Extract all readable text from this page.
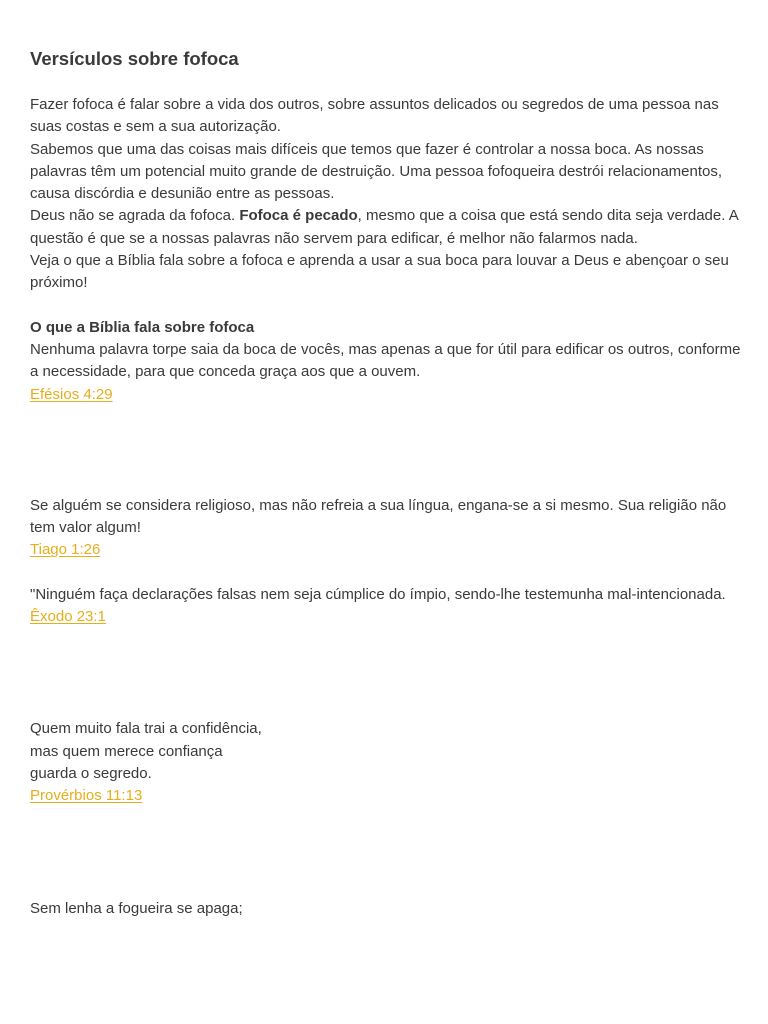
Versículos sobre fofoca

Fazer fofoca é falar sobre a vida dos outros, sobre assuntos delicados ou segredos de uma pessoa nas suas costas e sem a sua autorização.

Sabemos que uma das coisas mais difíceis que temos que fazer é controlar a nossa boca. As nossas palavras têm um potencial muito grande de destruição. Uma pessoa fofoqueira destrói relacionamentos, causa discórdia e desunião entre as pessoas.

Deus não se agrada da fofoca. Fofoca é pecado, mesmo que a coisa que está sendo dita seja verdade. A questão é que se a nossas palavras não servem para edificar, é melhor não falarmos nada.

Veja o que a Bíblia fala sobre a fofoca e aprenda a usar a sua boca para louvar a Deus e abençoar o seu próximo!

O que a Bíblia fala sobre fofoca

Nenhuma palavra torpe saia da boca de vocês, mas apenas a que for útil para edificar os outros, conforme a necessidade, para que conceda graça aos que a ouvem.

Efésios 4:29

Se alguém se considera religioso, mas não refreia a sua língua, engana-se a si mesmo. Sua religião não tem valor algum!

Tiago 1:26

"Ninguém faça declarações falsas nem seja cúmplice do ímpio, sendo-lhe testemunha mal-intencionada.

Êxodo 23:1

Quem muito fala trai a confidência,

mas quem merece confiança

guarda o segredo.

Provérbios 11:13

Sem lenha a fogueira se apaga;
